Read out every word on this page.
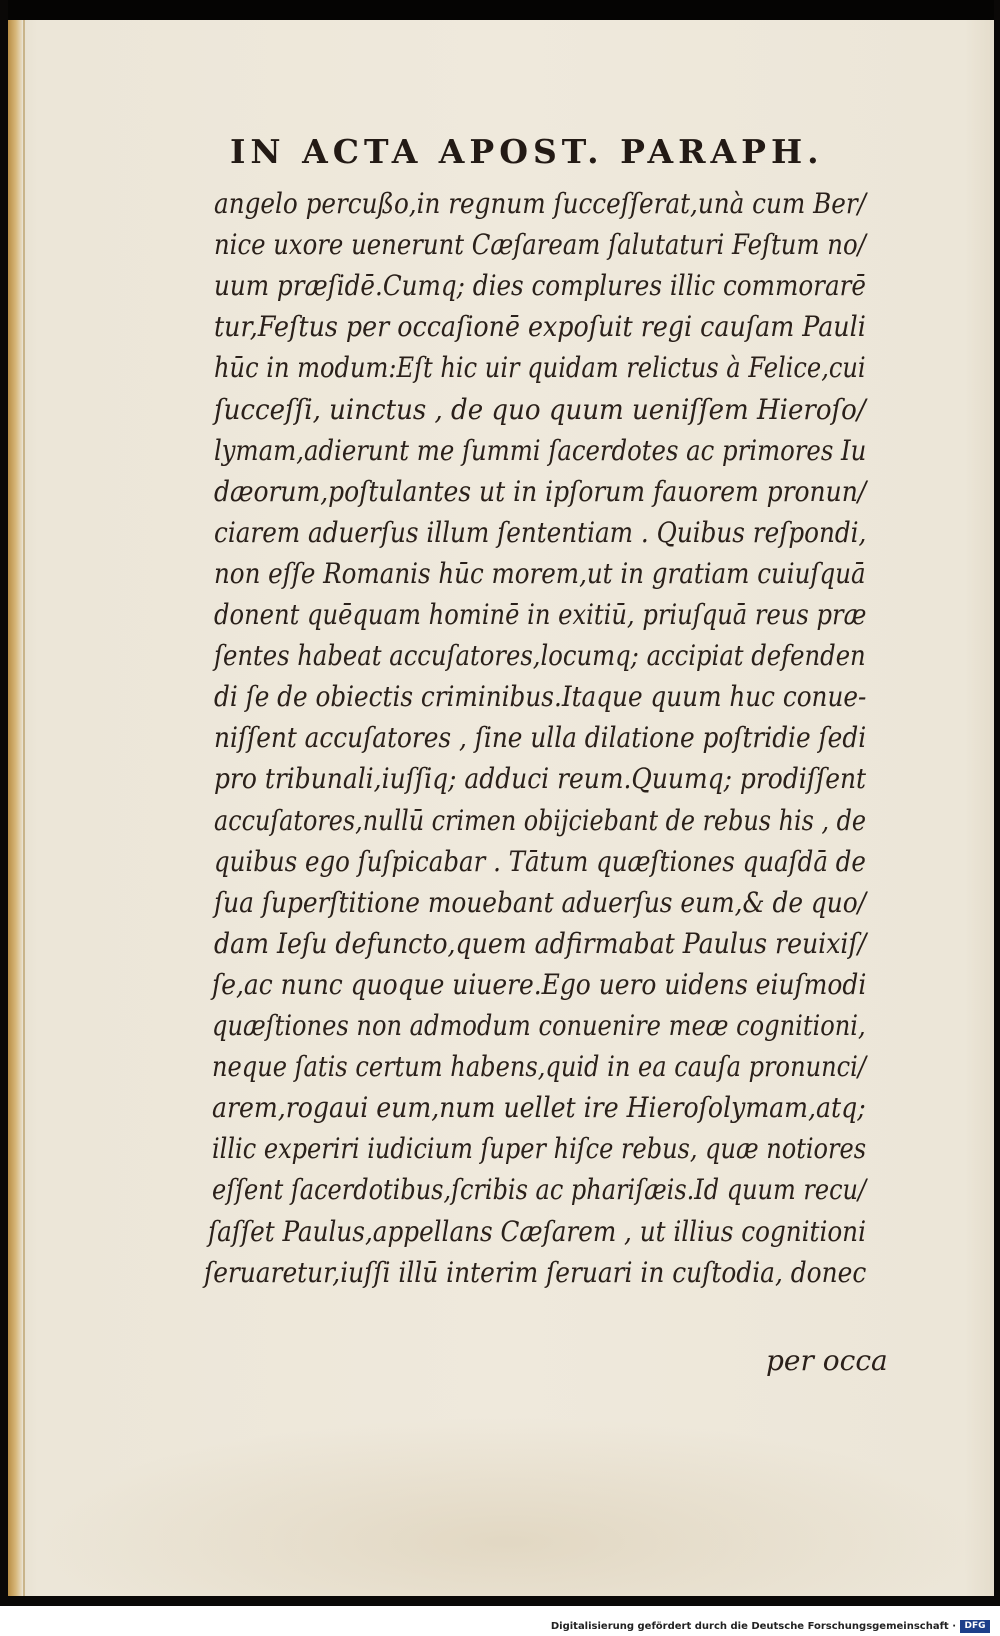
IN ACTA APOST. PARAPH.
angelo percußo,in regnum ſucceſſerat,unà cum Ber/
nice uxore uenerunt Cæſaream ſalutaturi Feſtum no/
uum præſidē.Cumq; dies complures illic commorarē
tur,Feſtus per occaſionē expoſuit regi cauſam Pauli
hūc in modum:Eſt hic uir quidam relictus à Felice,cui
ſucceſſi, uinctus , de quo quum ueniſſem Hieroſo/
lymam,adierunt me ſummi ſacerdotes ac primores Iu
dæorum,poſtulantes ut in ipſorum fauorem pronun/
ciarem aduerſus illum ſententiam . Quibus reſpondi,
non eſſe Romanis hūc morem,ut in gratiam cuiuſquā
donent quēquam hominē in exitiū, priuſquā reus præ
ſentes habeat accuſatores,locumq; accipiat defenden
di ſe de obiectis criminibus.Itaque quum huc conue-
niſſent accuſatores , ſine ulla dilatione poſtridie ſedi
pro tribunali,iuſſiq; adduci reum.Quumq; prodiſſent
accuſatores,nullū crimen obijciebant de rebus his , de
quibus ego ſuſpicabar . Tātum quæſtiones quaſdā de
ſua ſuperſtitione mouebant aduerſus eum,& de quo/
dam Ieſu defuncto,quem adfirmabat Paulus reuixiſ/
ſe,ac nunc quoque uiuere.Ego uero uidens eiuſmodi
quæſtiones non admodum conuenire meæ cognitioni,
neque ſatis certum habens,quid in ea cauſa pronunci/
arem,rogaui eum,num uellet ire Hieroſolymam,atq;
illic experiri iudicium ſuper hiſce rebus, quæ notiores
eſſent ſacerdotibus,ſcribis ac phariſæis.Id quum recu/
ſaſſet Paulus,appellans Cæſarem , ut illius cognitioni
ſeruaretur,iuſſi illū interim ſeruari in cuſtodia, donec
per occa
Digitalisierung gefördert durch die Deutsche Forschungsgemeinschaft · DFG
